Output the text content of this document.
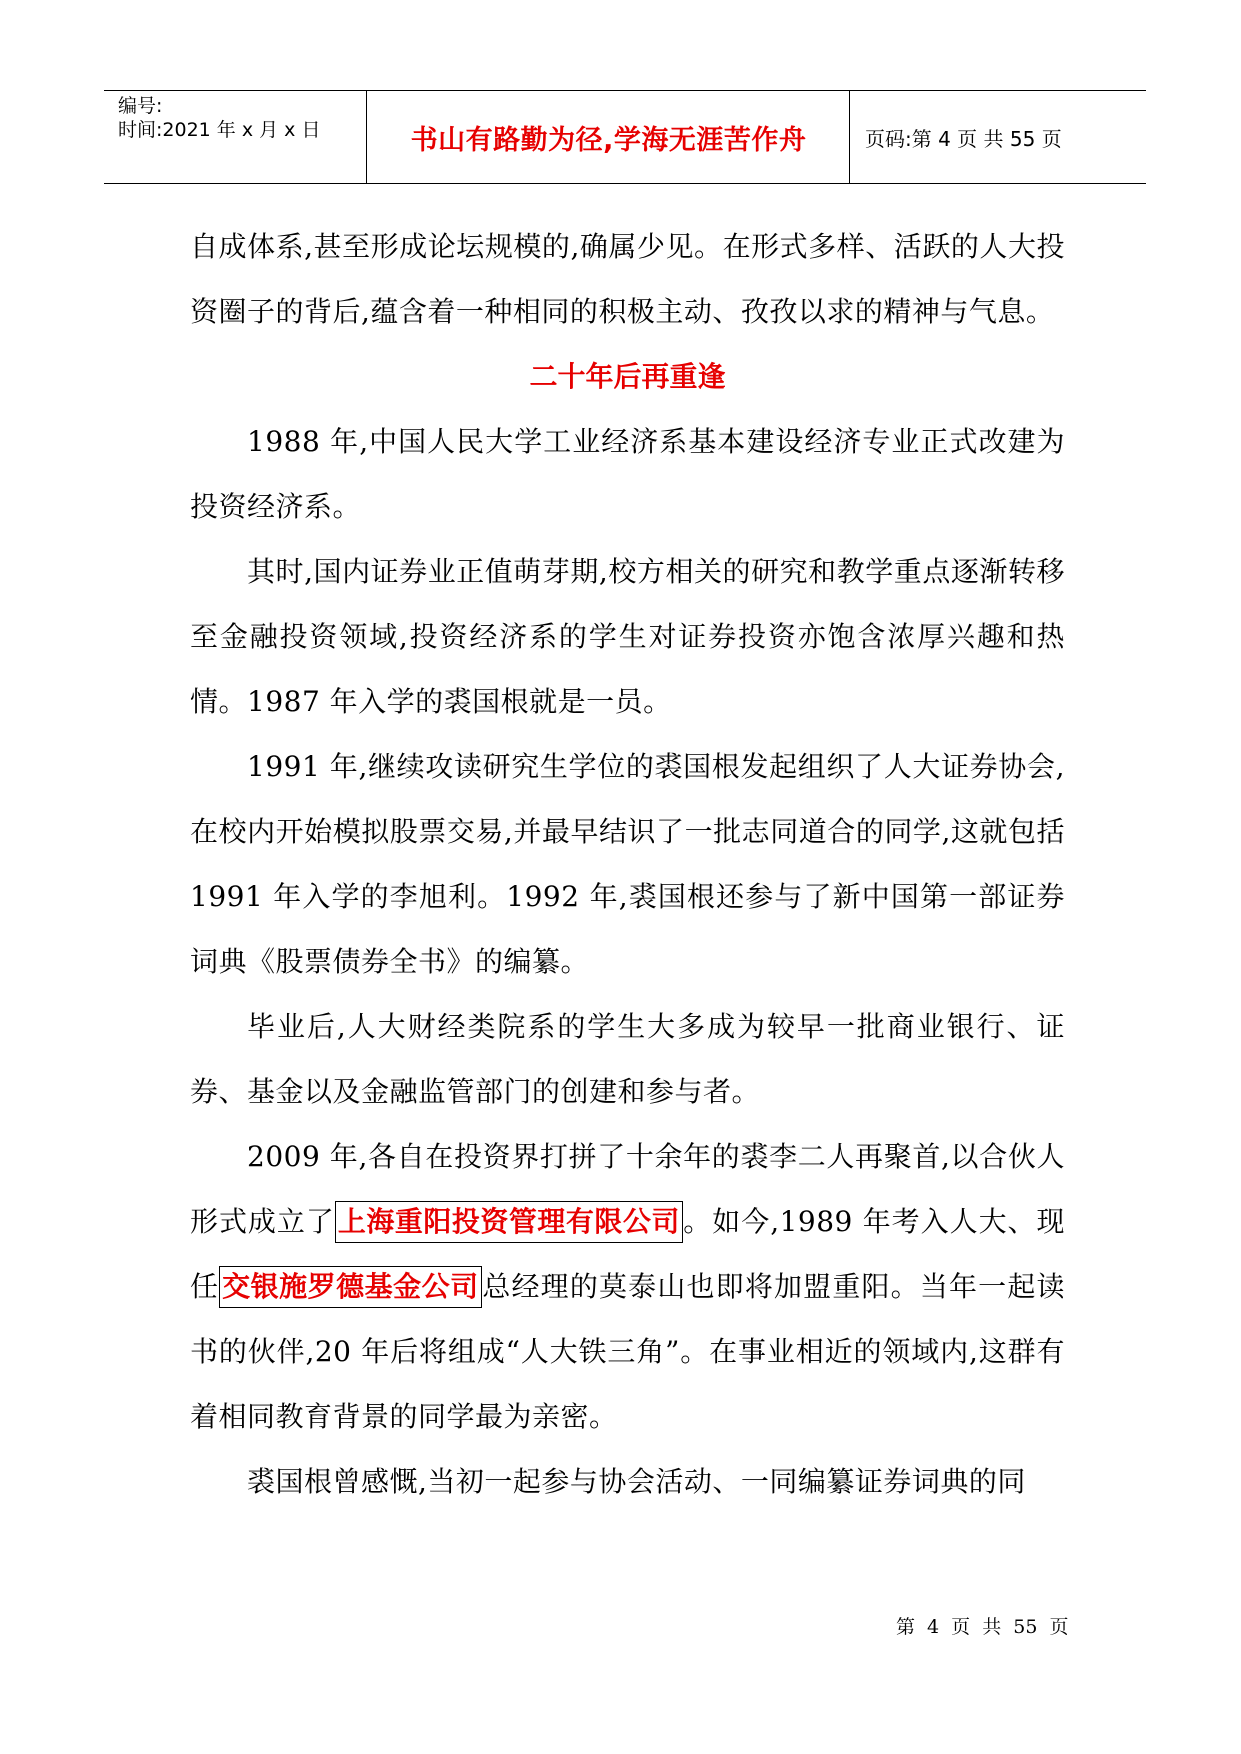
编号:
时间:2021 年 x 月 x 日	书山有路勤为径,学海无涯苦作舟	页码:第 4 页 共 55 页

自成体系,甚至形成论坛规模的,确属少见。在形式多样、活跃的人大投资圈子的背后,蕴含着一种相同的积极主动、孜孜以求的精神与气息。

二十年后再重逢

1988 年,中国人民大学工业经济系基本建设经济专业正式改建为投资经济系。

其时,国内证券业正值萌芽期,校方相关的研究和教学重点逐渐转移至金融投资领域,投资经济系的学生对证券投资亦饱含浓厚兴趣和热情。1987 年入学的裘国根就是一员。

1991 年,继续攻读研究生学位的裘国根发起组织了人大证券协会,在校内开始模拟股票交易,并最早结识了一批志同道合的同学,这就包括 1991 年入学的李旭利。1992 年,裘国根还参与了新中国第一部证券词典《股票债券全书》的编纂。

毕业后,人大财经类院系的学生大多成为较早一批商业银行、证券、基金以及金融监管部门的创建和参与者。

2009 年,各自在投资界打拼了十余年的裘李二人再聚首,以合伙人形式成立了 上海重阳投资管理有限公司 。如今,1989 年考入人大、现任 交银施罗德基金公司 总经理的莫泰山也即将加盟重阳。当年一起读书的伙伴,20 年后将组成“人大铁三角”。在事业相近的领域内,这群有着相同教育背景的同学最为亲密。

裘国根曾感慨,当初一起参与协会活动、一同编纂证券词典的同

第 4 页 共 55 页
